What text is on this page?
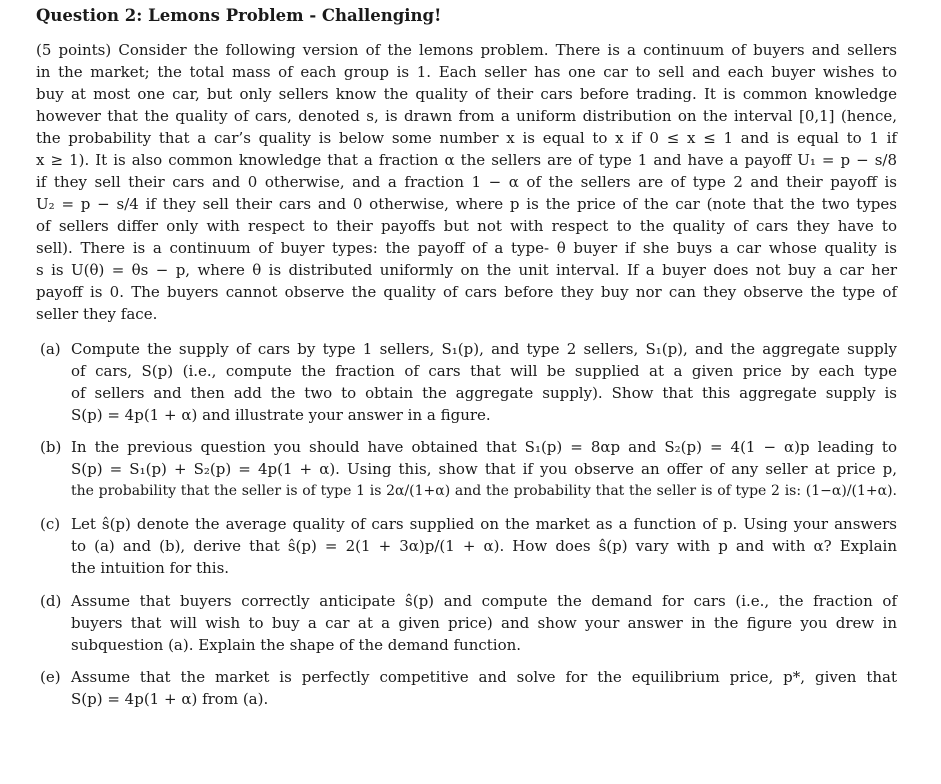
Question 2: Lemons Problem - Challenging!
(5 points) Consider the following version of the lemons problem. There is a continuum of buyers and sellers
in the market; the total mass of each group is 1. Each seller has one car to sell and each buyer wishes to
buy at most one car, but only sellers know the quality of their cars before trading. It is common knowledge
however that the quality of cars, denoted s, is drawn from a uniform distribution on the interval [0,1] (hence,
the probability that a car’s quality is below some number x is equal to x if 0 ≤ x ≤ 1 and is equal to 1 if
x ≥ 1). It is also common knowledge that a fraction α the sellers are of type 1 and have a payoff U₁ = p − s/8
if they sell their cars and 0 otherwise, and a fraction 1 − α of the sellers are of type 2 and their payoff is
U₂ = p − s/4 if they sell their cars and 0 otherwise, where p is the price of the car (note that the two types
of sellers differ only with respect to their payoffs but not with respect to the quality of cars they have to
sell). There is a continuum of buyer types: the payoff of a type- θ buyer if she buys a car whose quality is
s is U(θ) = θs − p, where θ is distributed uniformly on the unit interval. If a buyer does not buy a car her
payoff is 0. The buyers cannot observe the quality of cars before they buy nor can they observe the type of
seller they face.
(a) Compute the supply of cars by type 1 sellers, S₁(p), and type 2 sellers, S₁(p), and the aggregate supply
of cars, S(p) (i.e., compute the fraction of cars that will be supplied at a given price by each type
of sellers and then add the two to obtain the aggregate supply). Show that this aggregate supply is
S(p) = 4p(1 + α) and illustrate your answer in a figure.
(b) In the previous question you should have obtained that S₁(p) = 8αp and S₂(p) = 4(1 − α)p leading to
S(p) = S₁(p) + S₂(p) = 4p(1 + α). Using this, show that if you observe an offer of any seller at price p,
the probability that the seller is of type 1 is 2α/(1+α) and the probability that the seller is of type 2 is: (1−α)/(1+α).
(c) Let ŝ(p) denote the average quality of cars supplied on the market as a function of p. Using your answers
to (a) and (b), derive that ŝ(p) = 2(1 + 3α)p/(1 + α). How does ŝ(p) vary with p and with α? Explain
the intuition for this.
(d) Assume that buyers correctly anticipate ŝ(p) and compute the demand for cars (i.e., the fraction of
buyers that will wish to buy a car at a given price) and show your answer in the figure you drew in
subquestion (a). Explain the shape of the demand function.
(e) Assume that the market is perfectly competitive and solve for the equilibrium price, p*, given that
S(p) = 4p(1 + α) from (a).
